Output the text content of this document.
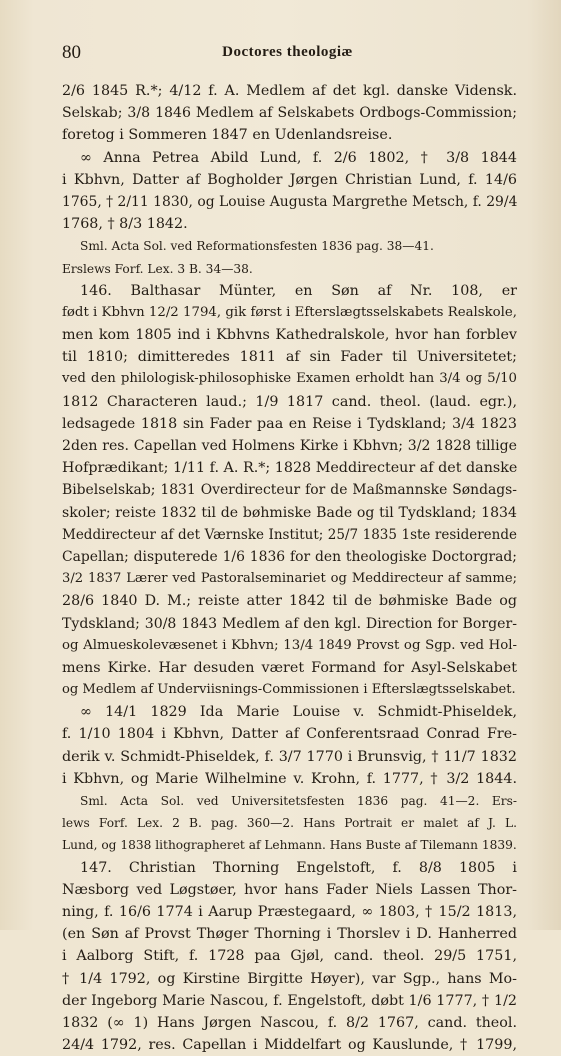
80	Doctores theologiæ
2/6 1845 R.*; 4/12 f. A. Medlem af det kgl. danske Vidensk.
Selskab; 3/8 1846 Medlem af Selskabets Ordbogs-Commission;
foretog i Sommeren 1847 en Udenlandsreise.
∞ Anna Petrea Abild Lund, f. 2/6 1802, † 3/8 1844
i Kbhvn, Datter af Bogholder Jørgen Christian Lund, f. 14/6
1765, † 2/11 1830, og Louise Augusta Margrethe Metsch, f. 29/4
1768, † 8/3 1842.
Sml. Acta Sol. ved Reformationsfesten 1836 pag. 38—41.
Erslews Forf. Lex. 3 B. 34—38.
146. Balthasar Münter, en Søn af Nr. 108, er
født i Kbhvn 12/2 1794, gik først i Efterslægtsselskabets Realskole,
men kom 1805 ind i Kbhvns Kathedralskole, hvor han forblev
til 1810; dimitteredes 1811 af sin Fader til Universitetet;
ved den philologisk-philosophiske Examen erholdt han 3/4 og 5/10
1812 Characteren laud.; 1/9 1817 cand. theol. (laud. egr.),
ledsagede 1818 sin Fader paa en Reise i Tydskland; 3/4 1823
2den res. Capellan ved Holmens Kirke i Kbhvn; 3/2 1828 tillige
Hofprædikant; 1/11 f. A. R.*; 1828 Meddirecteur af det danske
Bibelselskab; 1831 Overdirecteur for de Maßmannske Søndags-
skoler; reiste 1832 til de bøhmiske Bade og til Tydskland; 1834
Meddirecteur af det Værnske Institut; 25/7 1835 1ste residerende
Capellan; disputerede 1/6 1836 for den theologiske Doctorgrad;
3/2 1837 Lærer ved Pastoralseminariet og Meddirecteur af samme;
28/6 1840 D. M.; reiste atter 1842 til de bøhmiske Bade og
Tydskland; 30/8 1843 Medlem af den kgl. Direction for Borger-
og Almueskolevæsenet i Kbhvn; 13/4 1849 Provst og Sgp. ved Hol-
mens Kirke. Har desuden været Formand for Asyl-Selskabet
og Medlem af Underviisnings-Commissionen i Efterslægtsselskabet.
∞ 14/1 1829 Ida Marie Louise v. Schmidt-Phiseldek,
f. 1/10 1804 i Kbhvn, Datter af Conferentsraad Conrad Fre-
derik v. Schmidt-Phiseldek, f. 3/7 1770 i Brunsvig, † 11/7 1832
i Kbhvn, og Marie Wilhelmine v. Krohn, f. 1777, † 3/2 1844.
Sml. Acta Sol. ved Universitetsfesten 1836 pag. 41—2. Ers-
lews Forf. Lex. 2 B. pag. 360—2. Hans Portrait er malet af J. L.
Lund, og 1838 lithographeret af Lehmann. Hans Buste af Tilemann 1839.
147. Christian Thorning Engelstoft, f. 8/8 1805 i
Næsborg ved Løgstøer, hvor hans Fader Niels Lassen Thor-
ning, f. 16/6 1774 i Aarup Præstegaard, ∞ 1803, † 15/2 1813,
(en Søn af Provst Thøger Thorning i Thorslev i D. Hanherred
i Aalborg Stift, f. 1728 paa Gjøl, cand. theol. 29/5 1751,
† 1/4 1792, og Kirstine Birgitte Høyer), var Sgp., hans Mo-
der Ingeborg Marie Nascou, f. Engelstoft, døbt 1/6 1777, † 1/2
1832 (∞ 1) Hans Jørgen Nascou, f. 8/2 1767, cand. theol.
24/4 1792, res. Capellan i Middelfart og Kauslunde, † 1799,
